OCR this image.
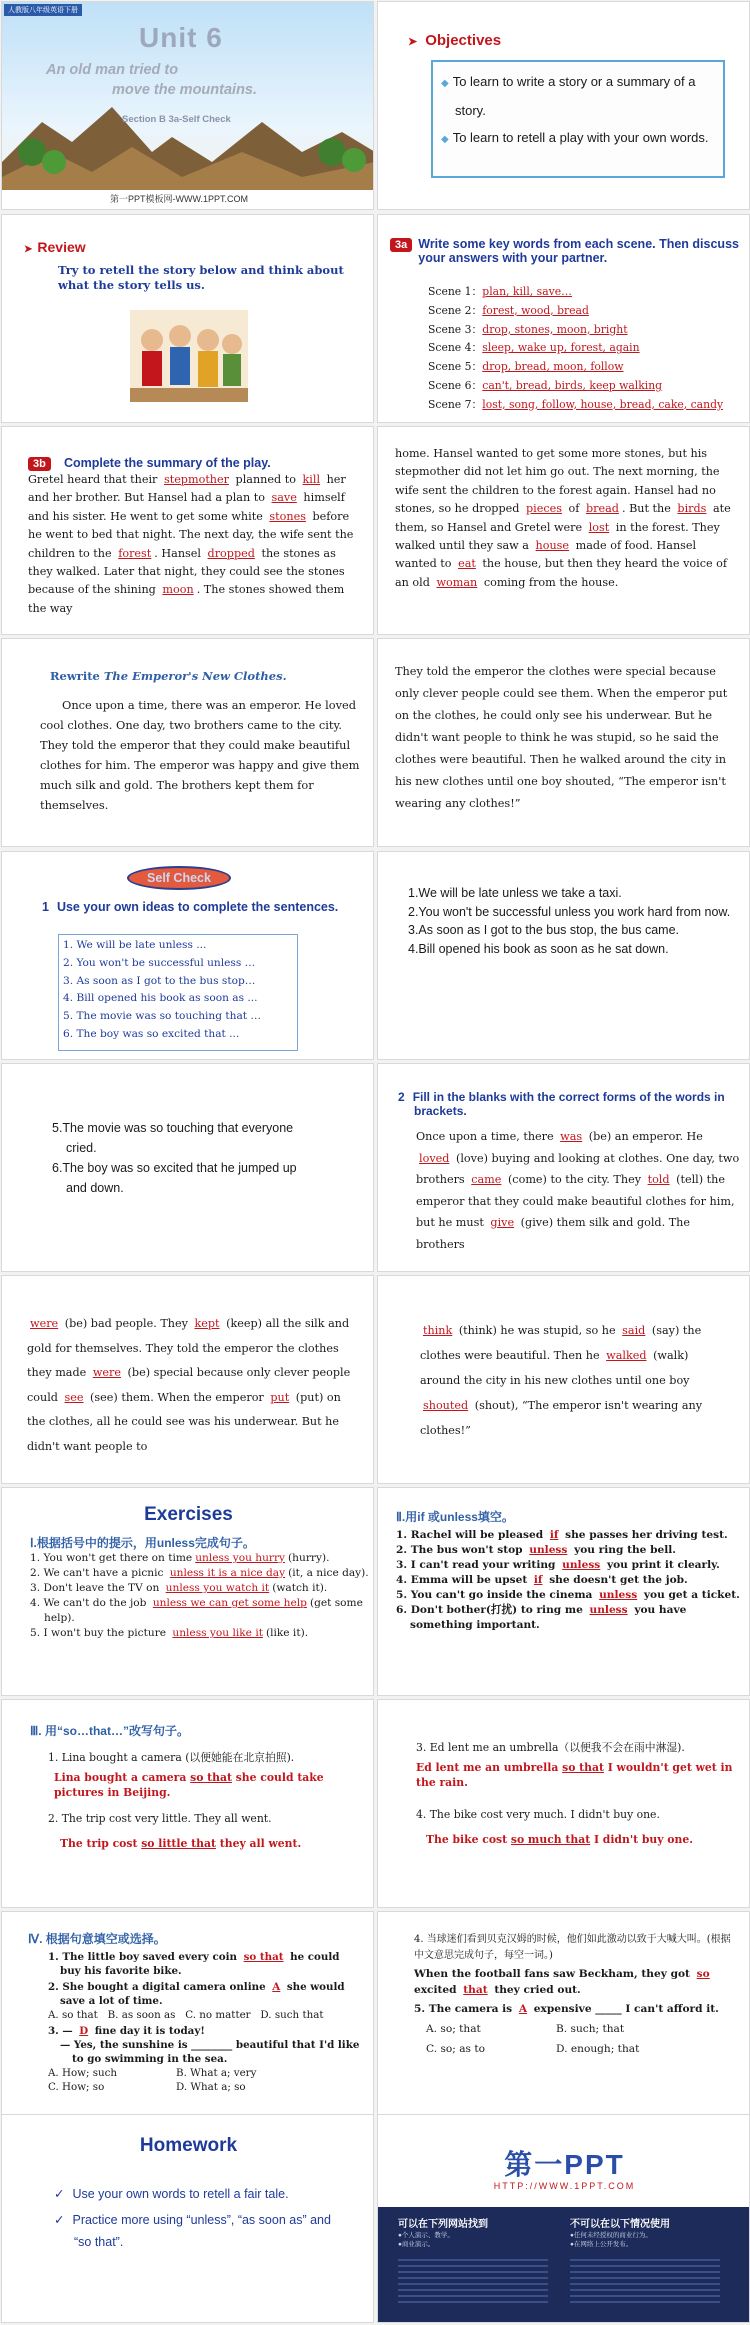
人教版八年级英语下册
Unit 6
An old man tried to
move the mountains.
Section B 3a-Self Check
第一PPT模板网-WWW.1PPT.COM
➤ Objectives
◆ To learn to write a story or a summary of a story.
◆ To learn to retell a play with your own words.
➤ Review
Try to retell the story below and think about what the story tells us.
3a Write some key words from each scene. Then discuss your answers with your partner.
Scene 1：plan, kill, save…
Scene 2：forest, wood, bread
Scene 3：drop, stones, moon, bright
Scene 4：sleep, wake up, forest, again
Scene 5：drop, bread, moon, follow
Scene 6：can't, bread, birds, keep walking
Scene 7：lost, song, follow, house, bread, cake, candy
3b Complete the summary of the play.
Gretel heard that their stepmother planned to kill her and her brother. But Hansel had a plan to save himself and his sister. He went to get some white stones before he went to bed that night. The next day, the wife sent the children to the forest . Hansel dropped the stones as they walked. Later that night, they could see the stones because of the shining moon . The stones showed them the way
home. Hansel wanted to get some more stones, but his stepmother did not let him go out. The next morning, the wife sent the children to the forest again. Hansel had no stones, so he dropped pieces of bread . But the birds ate them, so Hansel and Gretel were lost in the forest. They walked until they saw a house made of food. Hansel wanted to eat the house, but then they heard the voice of an old woman coming from the house.
Rewrite The Emperor's New Clothes.
Once upon a time, there was an emperor. He loved cool clothes. One day, two brothers came to the city. They told the emperor that they could make beautiful clothes for him. The emperor was happy and give them much silk and gold. The brothers kept them for themselves.
They told the emperor the clothes were special because only clever people could see them. When the emperor put on the clothes, he could only see his underwear. But he didn't want people to think he was stupid, so he said the clothes were beautiful. Then he walked around the city in his new clothes until one boy shouted, “The emperor isn't wearing any clothes!”
Self Check
1 Use your own ideas to complete the sentences.
1. We will be late unless ...
2. You won't be successful unless …
3. As soon as I got to the bus stop…
4. Bill opened his book as soon as ...
5. The movie was so touching that …
6. The boy was so excited that ...
1.We will be late unless we take a taxi.
2.You won't be successful unless you work hard from now.
3.As soon as I got to the bus stop, the bus came.
4.Bill opened his book as soon as he sat down.
5.The movie was so touching that everyone cried.
6.The boy was so excited that he jumped up and down.
2 Fill in the blanks with the correct forms of the words in brackets.
Once upon a time, there was (be) an emperor. He loved (love) buying and looking at clothes. One day, two brothers came (come) to the city. They told (tell) the emperor that they could make beautiful clothes for him, but he must give (give) them silk and gold. The brothers
were (be) bad people. They kept (keep) all the silk and gold for themselves. They told the emperor the clothes they made were (be) special because only clever people could see (see) them. When the emperor put (put) on the clothes, all he could see was his underwear. But he didn't want people to
think (think) he was stupid, so he said (say) the clothes were beautiful. Then he walked (walk) around the city in his new clothes until one boy shouted (shout), “The emperor isn't wearing any clothes!”
Exercises
Ⅰ.根据括号中的提示，用unless完成句子。
1. You won't get there on time unless you hurry (hurry).
2. We can't have a picnic unless it is a nice day (it, a nice day).
3. Don't leave the TV on unless you watch it (watch it).
4. We can't do the job unless we can get some help (get some help).
5. I won't buy the picture unless you like it (like it).
Ⅱ.用if 或unless填空。
1. Rachel will be pleased if she passes her driving test.
2. The bus won't stop unless you ring the bell.
3. I can't read your writing unless you print it clearly.
4. Emma will be upset if she doesn't get the job.
5. You can't go inside the cinema unless you get a ticket.
6. Don't bother(打扰) to ring me unless you have something important.
Ⅲ. 用“so…that…”改写句子。
1. Lina bought a camera (以便她能在北京拍照).
Lina bought a camera so that she could take pictures in Beijing.
2. The trip cost very little. They all went.
The trip cost so little that they all went.
3. Ed lent me an umbrella（以便我不会在雨中淋湿).
Ed lent me an umbrella so that I wouldn't get wet in the rain.
4. The bike cost very much. I didn't buy one.
The bike cost so much that I didn't buy one.
Ⅳ. 根据句意填空或选择。
1. The little boy saved every coin so that he could buy his favorite bike.
2. She bought a digital camera online A she would save a lot of time.
A. so that   B. as soon as   C. no matter   D. such that
3. — D fine day it is today!
— Yes, the sunshine is ________ beautiful that I'd like to go swimming in the sea.
A. How; such	B. What a; very
C. How; so	D. What a; so
4. 当球迷们看到贝克汉姆的时候，他们如此激动以致于大喊大叫。(根据中文意思完成句子，每空一词。)
When the football fans saw Beckham, they got so excited that they cried out.
5. The camera is A expensive _____ I can't afford it.
A. so; that	B. such; that
C. so; as to	D. enough; that
Homework
✓ Use your own words to retell a fair tale.
✓ Practice more using “unless”, “as soon as” and “so that”.
第一PPT
HTTP://WWW.1PPT.COM
可以在下列网站找到	不可以在以下情况使用
●个人演示、教学。
●商业演示。
●任何未经授权的商业行为。
●在网络上公开发布。
